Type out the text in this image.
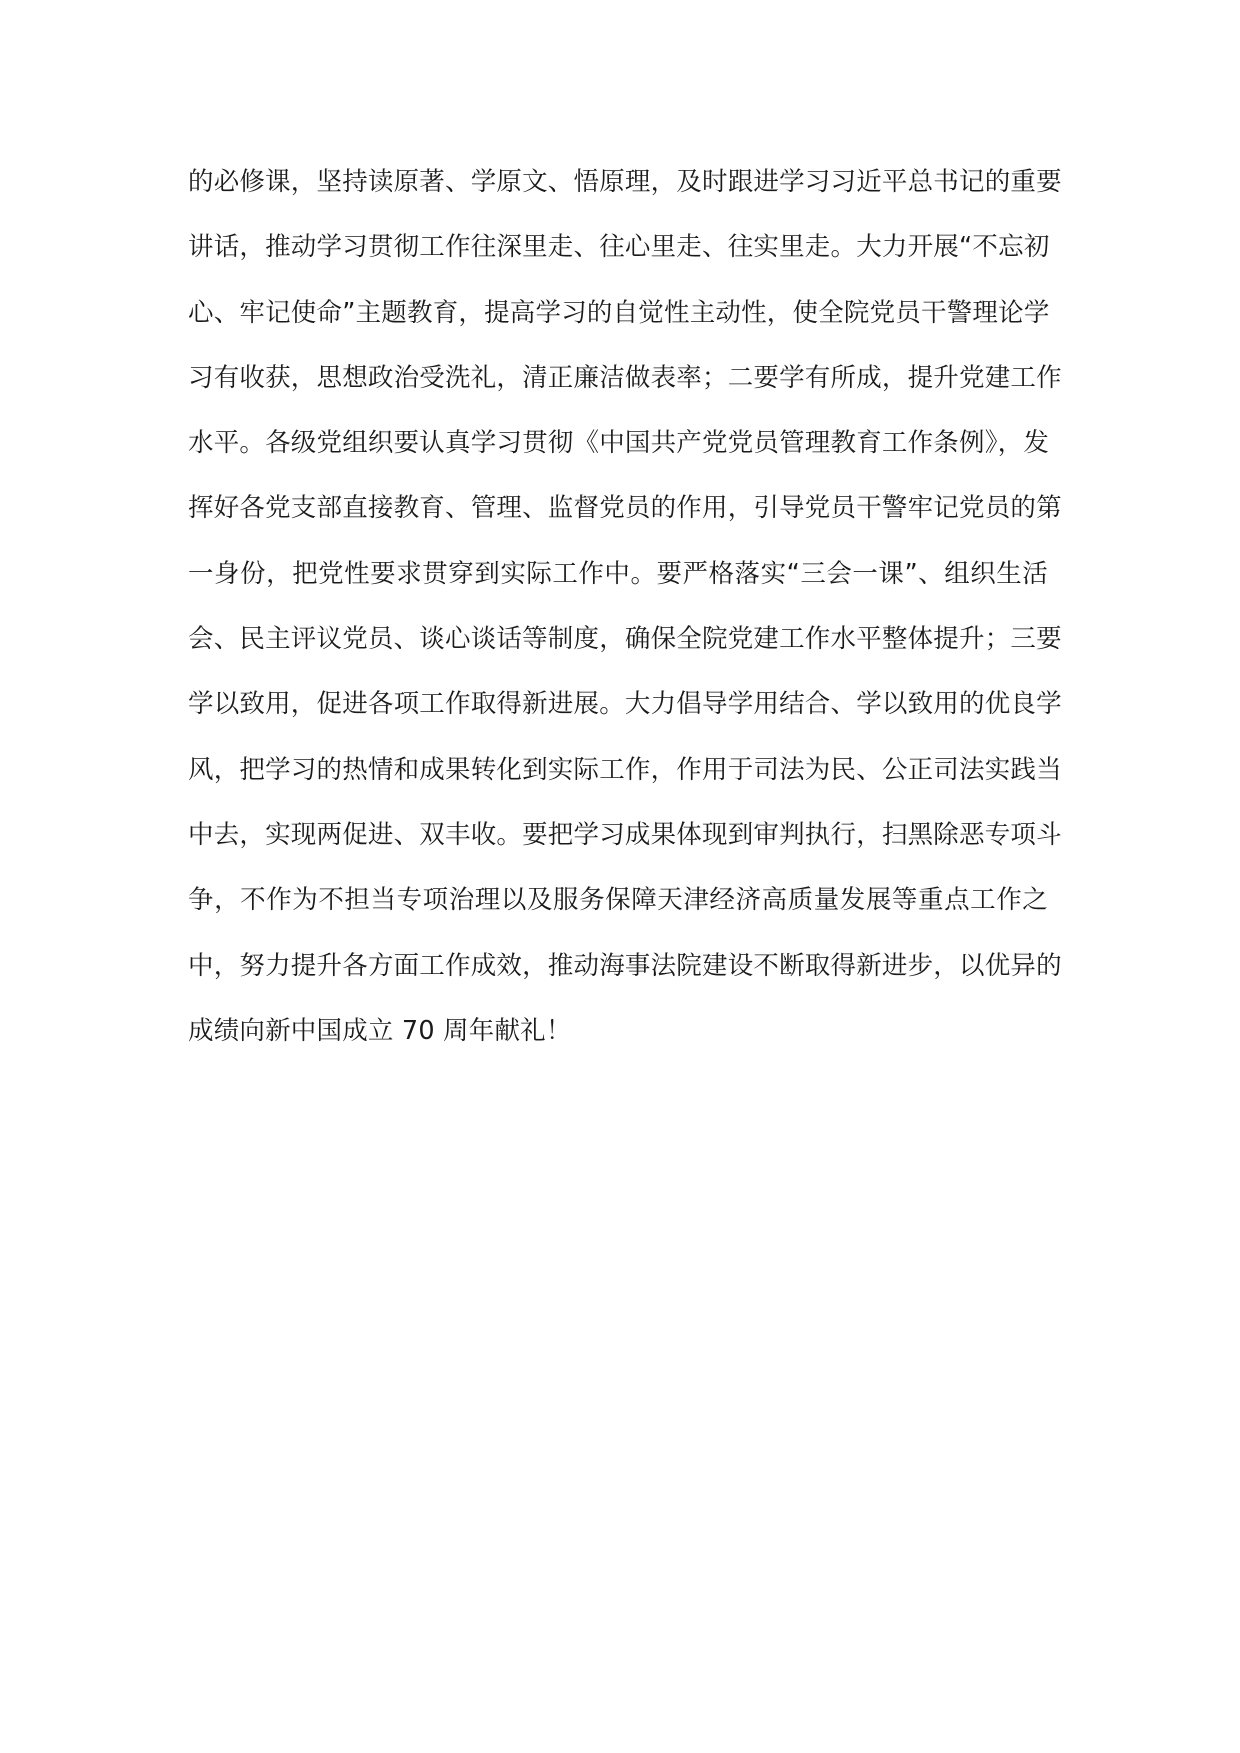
的必修课，坚持读原著、学原文、悟原理，及时跟进学习习近平总书记的重要
讲话，推动学习贯彻工作往深里走、往心里走、往实里走。大力开展“不忘初
心、牢记使命”主题教育，提高学习的自觉性主动性，使全院党员干警理论学
习有收获，思想政治受洗礼，清正廉洁做表率；二要学有所成，提升党建工作
水平。各级党组织要认真学习贯彻《中国共产党党员管理教育工作条例》，发
挥好各党支部直接教育、管理、监督党员的作用，引导党员干警牢记党员的第
一身份，把党性要求贯穿到实际工作中。要严格落实“三会一课”、组织生活
会、民主评议党员、谈心谈话等制度，确保全院党建工作水平整体提升；三要
学以致用，促进各项工作取得新进展。大力倡导学用结合、学以致用的优良学
风，把学习的热情和成果转化到实际工作，作用于司法为民、公正司法实践当
中去，实现两促进、双丰收。要把学习成果体现到审判执行，扫黑除恶专项斗
争，不作为不担当专项治理以及服务保障天津经济高质量发展等重点工作之
中，努力提升各方面工作成效，推动海事法院建设不断取得新进步，以优异的
成绩向新中国成立 70 周年献礼！
